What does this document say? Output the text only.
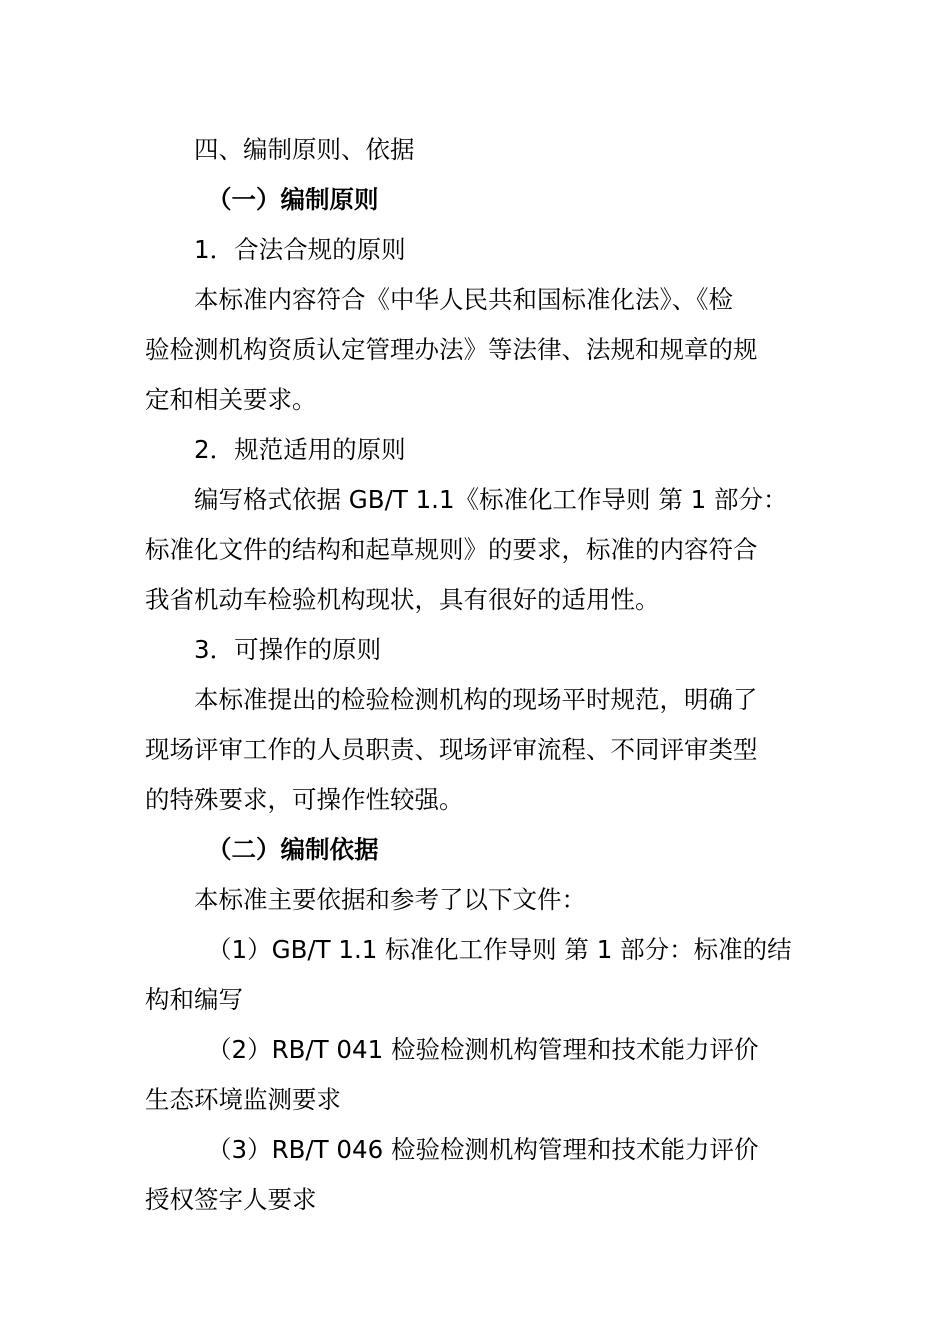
四、编制原则、依据
（一）编制原则
1．合法合规的原则
本标准内容符合《中华人民共和国标准化法》、《检
验检测机构资质认定管理办法》等法律、法规和规章的规
定和相关要求。
2．规范适用的原则
编写格式依据 GB/T 1.1《标准化工作导则 第 1 部分：
标准化文件的结构和起草规则》的要求，标准的内容符合
我省机动车检验机构现状，具有很好的适用性。
3．可操作的原则
本标准提出的检验检测机构的现场平时规范，明确了
现场评审工作的人员职责、现场评审流程、不同评审类型
的特殊要求，可操作性较强。
（二）编制依据
本标准主要依据和参考了以下文件：
（1）GB/T 1.1 标准化工作导则 第 1 部分：标准的结
构和编写
（2）RB/T 041 检验检测机构管理和技术能力评价
生态环境监测要求
（3）RB/T 046 检验检测机构管理和技术能力评价
授权签字人要求
